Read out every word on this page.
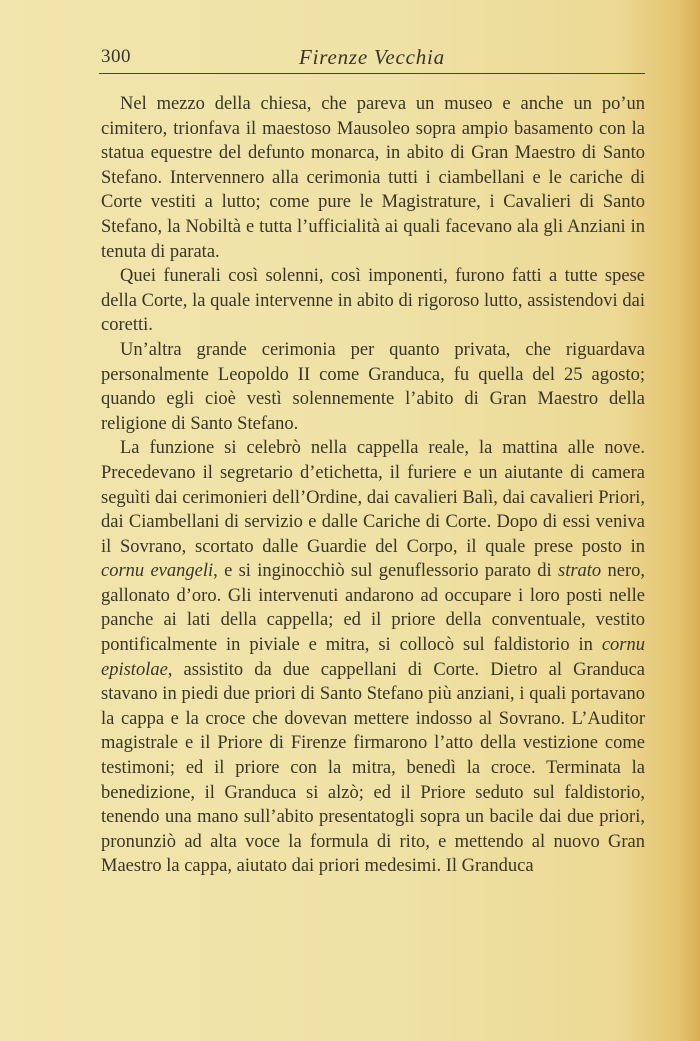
300	Firenze Vecchia

Nel mezzo della chiesa, che pareva un museo e anche un po’un cimitero, trionfava il maestoso Mausoleo sopra ampio basamento con la statua equestre del defunto monarca, in abito di Gran Maestro di Santo Stefano. Intervennero alla cerimonia tutti i ciambellani e le cariche di Corte vestiti a lutto; come pure le Magistrature, i Cavalieri di Santo Stefano, la Nobiltà e tutta l’ufficialità ai quali facevano ala gli Anziani in tenuta di parata.

Quei funerali così solenni, così imponenti, furono fatti a tutte spese della Corte, la quale intervenne in abito di rigoroso lutto, assistendovi dai coretti.

Un’altra grande cerimonia per quanto privata, che riguardava personalmente Leopoldo II come Granduca, fu quella del 25 agosto; quando egli cioè vestì solennemente l’abito di Gran Maestro della religione di Santo Stefano.

La funzione si celebrò nella cappella reale, la mattina alle nove. Precedevano il segretario d’etichetta, il furiere e un aiutante di camera seguìti dai cerimonieri dell’Ordine, dai cavalieri Balì, dai cavalieri Priori, dai Ciambellani di servizio e dalle Cariche di Corte. Dopo di essi veniva il Sovrano, scortato dalle Guardie del Corpo, il quale prese posto in cornu evangeli, e si inginocchiò sul genuflessorio parato di strato nero, gallonato d’oro. Gli intervenuti andarono ad occupare i loro posti nelle panche ai lati della cappella; ed il priore della conventuale, vestito pontificalmente in piviale e mitra, si collocò sul faldistorio in cornu epistolae, assistito da due cappellani di Corte. Dietro al Granduca stavano in piedi due priori di Santo Stefano più anziani, i quali portavano la cappa e la croce che dovevan mettere indosso al Sovrano. L’Auditor magistrale e il Priore di Firenze firmarono l’atto della vestizione come testimoni; ed il priore con la mitra, benedì la croce. Terminata la benedizione, il Granduca si alzò; ed il Priore seduto sul faldistorio, tenendo una mano sull’abito presentatogli sopra un bacile dai due priori, pronunziò ad alta voce la formula di rito, e mettendo al nuovo Gran Maestro la cappa, aiutato dai priori medesimi. Il Granduca
